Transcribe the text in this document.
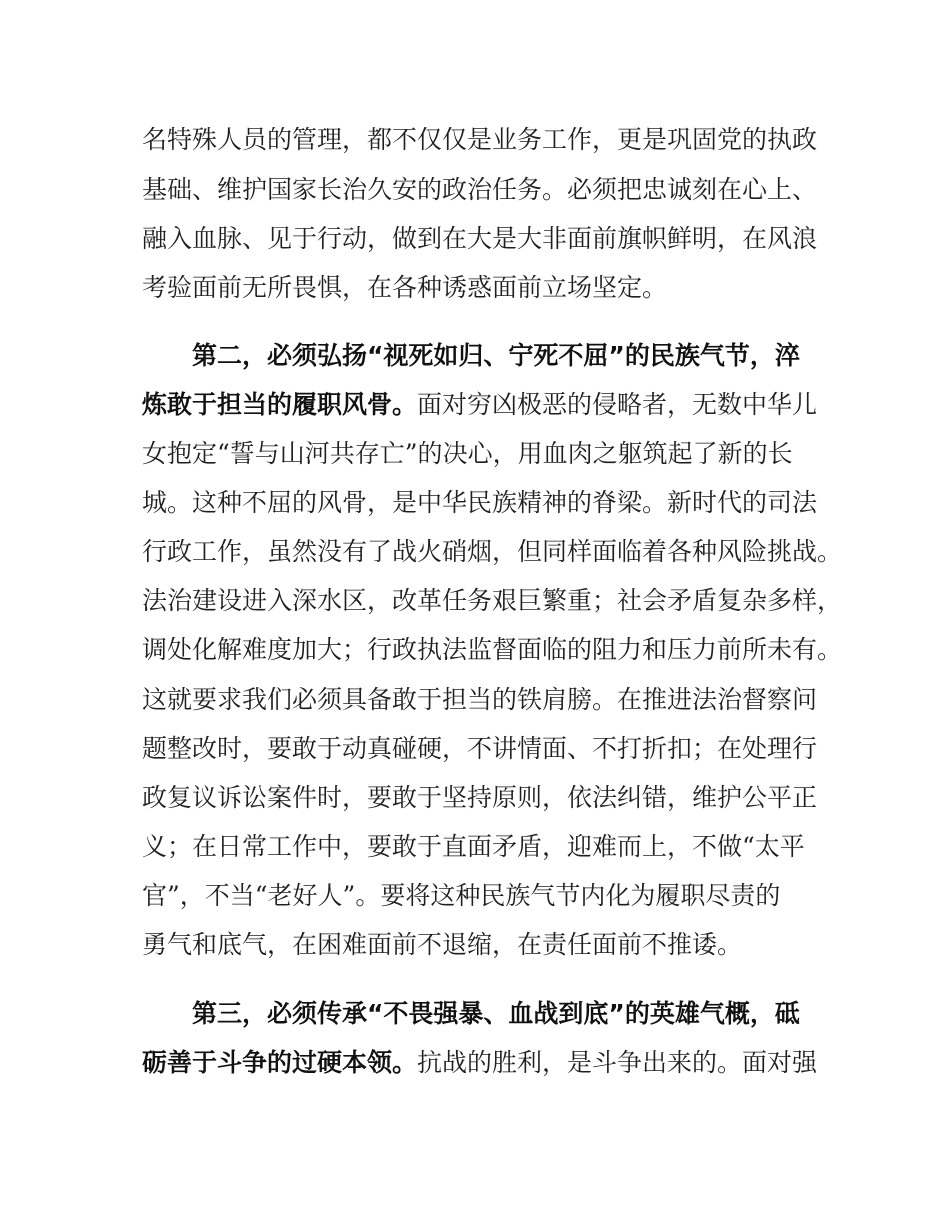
名特殊人员的管理，都不仅仅是业务工作，更是巩固党的执政
基础、维护国家长治久安的政治任务。必须把忠诚刻在心上、
融入血脉、见于行动，做到在大是大非面前旗帜鲜明，在风浪
考验面前无所畏惧，在各种诱惑面前立场坚定。
第二，必须弘扬“视死如归、宁死不屈”的民族气节，淬
炼敢于担当的履职风骨。面对穷凶极恶的侵略者，无数中华儿
女抱定“誓与山河共存亡”的决心，用血肉之躯筑起了新的长
城。这种不屈的风骨，是中华民族精神的脊梁。新时代的司法
行政工作，虽然没有了战火硝烟，但同样面临着各种风险挑战。
法治建设进入深水区，改革任务艰巨繁重；社会矛盾复杂多样，
调处化解难度加大；行政执法监督面临的阻力和压力前所未有。
这就要求我们必须具备敢于担当的铁肩膀。在推进法治督察问
题整改时，要敢于动真碰硬，不讲情面、不打折扣；在处理行
政复议诉讼案件时，要敢于坚持原则，依法纠错，维护公平正
义；在日常工作中，要敢于直面矛盾，迎难而上，不做“太平
官”，不当“老好人”。要将这种民族气节内化为履职尽责的
勇气和底气，在困难面前不退缩，在责任面前不推诿。
第三，必须传承“不畏强暴、血战到底”的英雄气概，砥
砺善于斗争的过硬本领。抗战的胜利，是斗争出来的。面对强
